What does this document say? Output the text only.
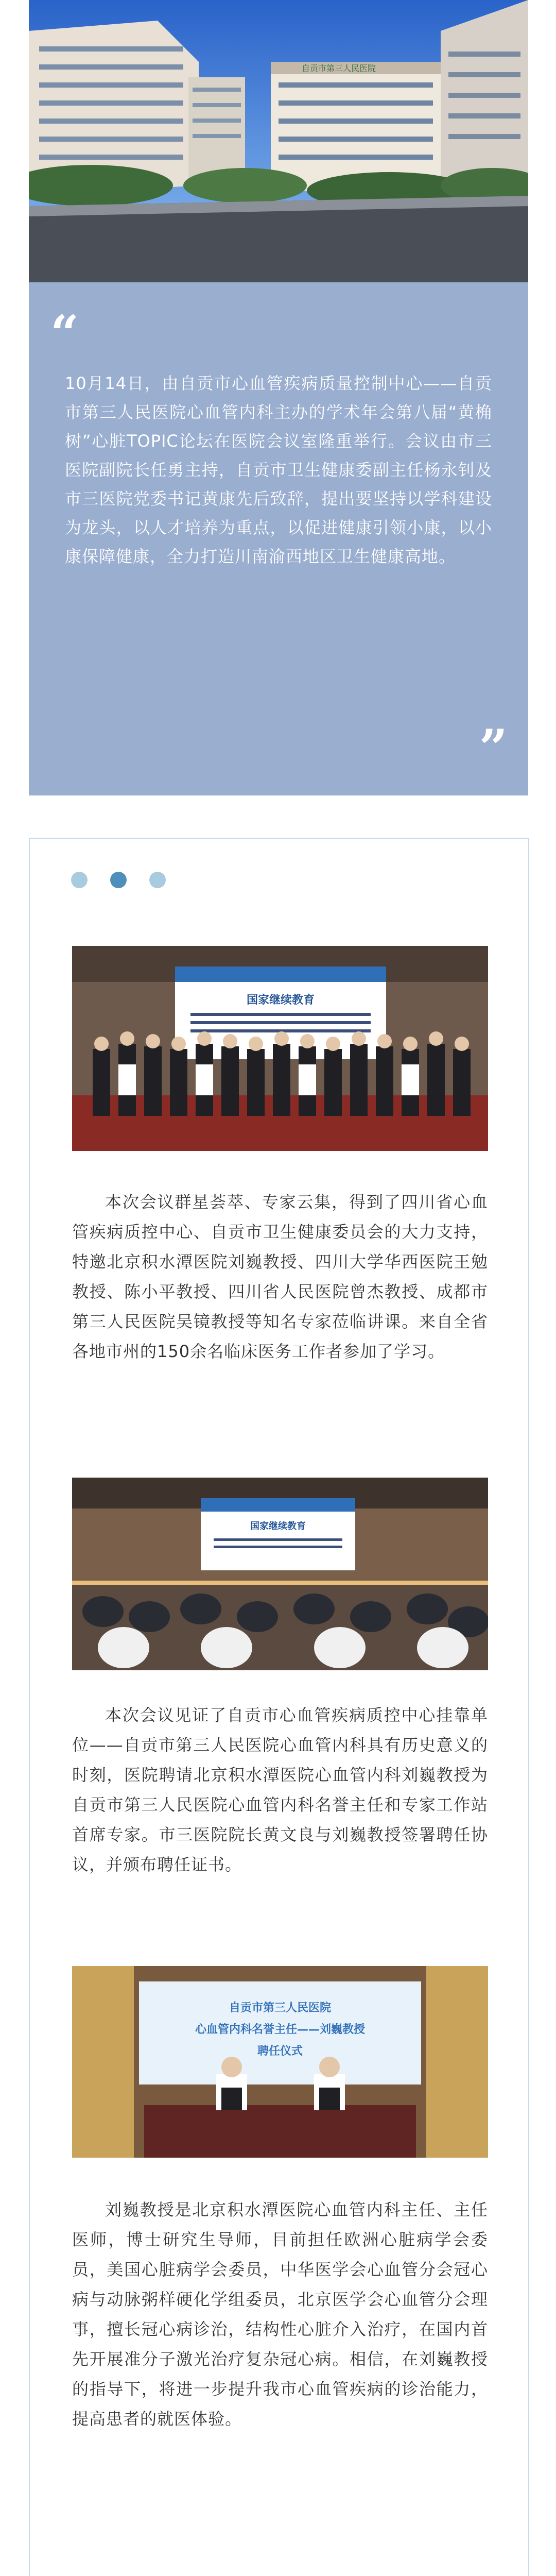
自贡市第三人民医院
“
10月14日，由自贡市心血管疾病质量控制中心——自贡市第三人民医院心血管内科主办的学术年会第八届“黄桷树”心脏TOPIC论坛在医院会议室隆重举行。会议由市三医院副院长任勇主持，自贡市卫生健康委副主任杨永钊及市三医院党委书记黄康先后致辞，提出要坚持以学科建设为龙头，以人才培养为重点，以促进健康引领小康，以小康保障健康，全力打造川南渝西地区卫生健康高地。
”
国家继续教育
本次会议群星荟萃、专家云集，得到了四川省心血管疾病质控中心、自贡市卫生健康委员会的大力支持，特邀北京积水潭医院刘巍教授、四川大学华西医院王勉教授、陈小平教授、四川省人民医院曾杰教授、成都市第三人民医院吴镜教授等知名专家莅临讲课。来自全省各地市州的150余名临床医务工作者参加了学习。
国家继续教育
本次会议见证了自贡市心血管疾病质控中心挂靠单位——自贡市第三人民医院心血管内科具有历史意义的时刻，医院聘请北京积水潭医院心血管内科刘巍教授为自贡市第三人民医院心血管内科名誉主任和专家工作站首席专家。市三医院院长黄文良与刘巍教授签署聘任协议，并颁布聘任证书。
自贡市第三人民医院
心血管内科名誉主任——刘巍教授
聘任仪式
刘巍教授是北京积水潭医院心血管内科主任、主任医师，博士研究生导师，目前担任欧洲心脏病学会委员，美国心脏病学会委员，中华医学会心血管分会冠心病与动脉粥样硬化学组委员，北京医学会心血管分会理事，擅长冠心病诊治，结构性心脏介入治疗，在国内首先开展准分子激光治疗复杂冠心病。相信，在刘巍教授的指导下，将进一步提升我市心血管疾病的诊治能力，提高患者的就医体验。
